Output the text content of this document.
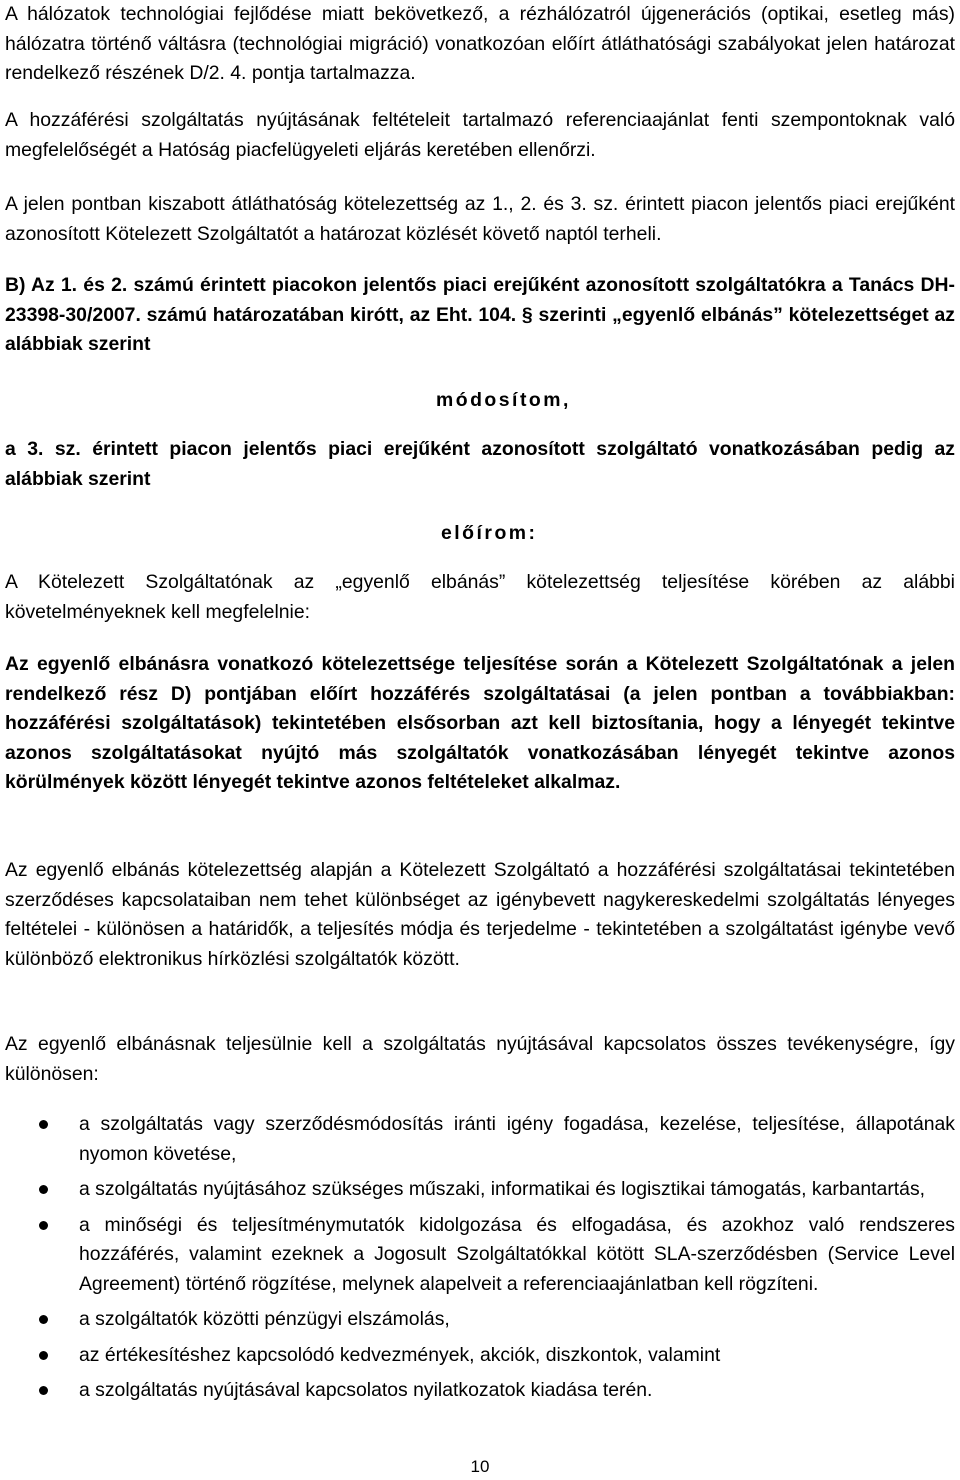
A hálózatok technológiai fejlődése miatt bekövetkező, a rézhálózatról újgenerációs (optikai, esetleg más) hálózatra történő váltásra (technológiai migráció) vonatkozóan előírt átláthatósági szabályokat jelen határozat rendelkező részének D/2. 4. pontja tartalmazza.

A hozzáférési szolgáltatás nyújtásának feltételeit tartalmazó referenciaajánlat fenti szempontoknak való megfelelőségét a Hatóság piacfelügyeleti eljárás keretében ellenőrzi.

A jelen pontban kiszabott átláthatóság kötelezettség az 1., 2. és 3. sz. érintett piacon jelentős piaci erejűként azonosított Kötelezett Szolgáltatót a határozat közlését követő naptól terheli.

B) Az 1. és 2. számú érintett piacokon jelentős piaci erejűként azonosított szolgáltatókra a Tanács DH-23398-30/2007. számú határozatában kirótt, az Eht. 104. § szerinti „egyenlő elbánás” kötelezettséget az alábbiak szerint

módosítom,

a 3. sz. érintett piacon jelentős piaci erejűként azonosított szolgáltató vonatkozásában pedig az alábbiak szerint

előírom:

A Kötelezett Szolgáltatónak az „egyenlő elbánás” kötelezettség teljesítése körében az alábbi követelményeknek kell megfelelnie:

Az egyenlő elbánásra vonatkozó kötelezettsége teljesítése során a Kötelezett Szolgáltatónak a jelen rendelkező rész D) pontjában előírt hozzáférés szolgáltatásai (a jelen pontban a továbbiakban: hozzáférési szolgáltatások) tekintetében elsősorban azt kell biztosítania, hogy a lényegét tekintve azonos szolgáltatásokat nyújtó más szolgáltatók vonatkozásában lényegét tekintve azonos körülmények között lényegét tekintve azonos feltételeket alkalmaz.

Az egyenlő elbánás kötelezettség alapján a Kötelezett Szolgáltató a hozzáférési szolgáltatásai tekintetében szerződéses kapcsolataiban nem tehet különbséget az igénybevett nagykereskedelmi szolgáltatás lényeges feltételei - különösen a határidők, a teljesítés módja és terjedelme - tekintetében a szolgáltatást igénybe vevő különböző elektronikus hírközlési szolgáltatók között.

Az egyenlő elbánásnak teljesülnie kell a szolgáltatás nyújtásával kapcsolatos összes tevékenységre, így különösen:

a szolgáltatás vagy szerződésmódosítás iránti igény fogadása, kezelése, teljesítése, állapotának nyomon követése,
a szolgáltatás nyújtásához szükséges műszaki, informatikai és logisztikai támogatás, karbantartás,
a minőségi és teljesítménymutatók kidolgozása és elfogadása, és azokhoz való rendszeres hozzáférés, valamint ezeknek a Jogosult Szolgáltatókkal kötött SLA-szerződésben (Service Level Agreement) történő rögzítése, melynek alapelveit a referenciaajánlatban kell rögzíteni.
a szolgáltatók közötti pénzügyi elszámolás,
az értékesítéshez kapcsolódó kedvezmények, akciók, diszkontok, valamint
a szolgáltatás nyújtásával kapcsolatos nyilatkozatok kiadása terén.
10
